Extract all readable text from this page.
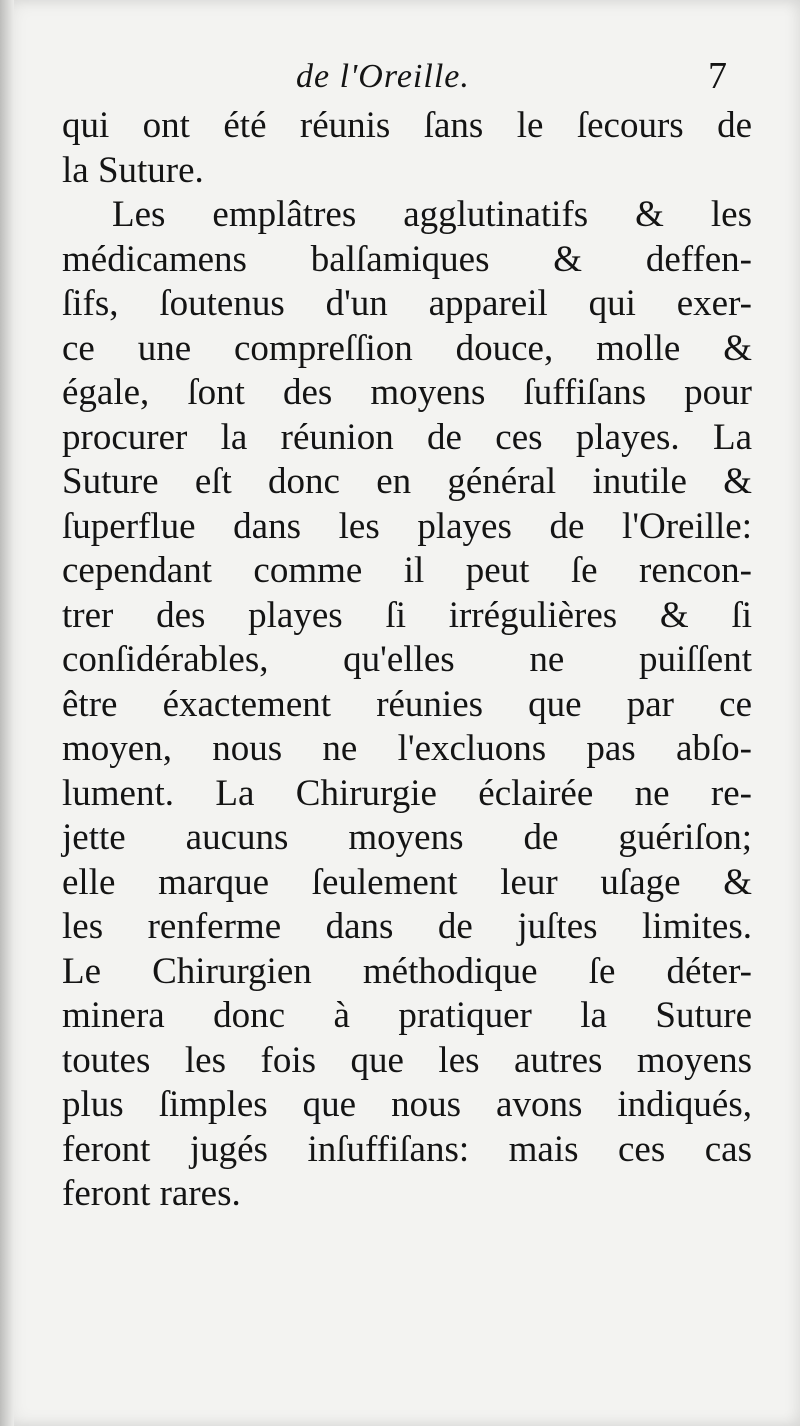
de l'Oreille.	7
qui ont été réunis ſans le ſecours de
la Suture.
Les emplâtres agglutinatifs & les
médicamens balſamiques & deffen-
ſifs, ſoutenus d'un appareil qui exer-
ce une compreſſion douce, molle &
égale, ſont des moyens ſuffiſans pour
procurer la réunion de ces playes. La
Suture eſt donc en général inutile &
ſuperflue dans les playes de l'Oreille:
cependant comme il peut ſe rencon-
trer des playes ſi irrégulières & ſi
conſidérables, qu'elles ne puiſſent
être éxactement réunies que par ce
moyen, nous ne l'excluons pas abſo-
lument. La Chirurgie éclairée ne re-
jette aucuns moyens de guériſon;
elle marque ſeulement leur uſage &
les renferme dans de juſtes limites.
Le Chirurgien méthodique ſe déter-
minera donc à pratiquer la Suture
toutes les fois que les autres moyens
plus ſimples que nous avons indiqués,
feront jugés inſuffiſans: mais ces cas
feront rares.
